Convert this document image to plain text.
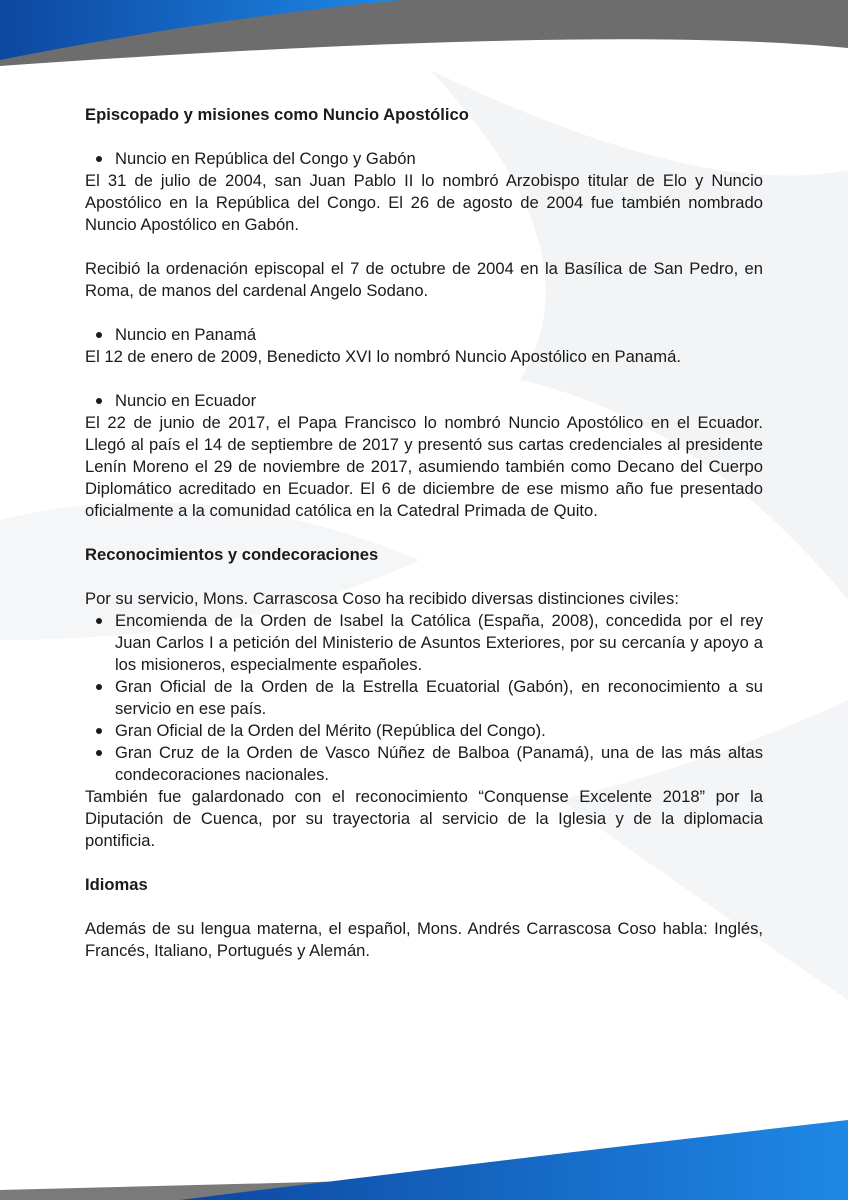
Episcopado y misiones como Nuncio Apostólico

Nuncio en República del Congo y Gabón

El 31 de julio de 2004, san Juan Pablo II lo nombró Arzobispo titular de Elo y Nuncio Apostólico en la República del Congo. El 26 de agosto de 2004 fue también nombrado Nuncio Apostólico en Gabón.

Recibió la ordenación episcopal el 7 de octubre de 2004 en la Basílica de San Pedro, en Roma, de manos del cardenal Angelo Sodano.

Nuncio en Panamá

El 12 de enero de 2009, Benedicto XVI lo nombró Nuncio Apostólico en Panamá.

Nuncio en Ecuador

El 22 de junio de 2017, el Papa Francisco lo nombró Nuncio Apostólico en el Ecuador. Llegó al país el 14 de septiembre de 2017 y presentó sus cartas credenciales al presidente Lenín Moreno el 29 de noviembre de 2017, asumiendo también como Decano del Cuerpo Diplomático acreditado en Ecuador. El 6 de diciembre de ese mismo año fue presentado oficialmente a la comunidad católica en la Catedral Primada de Quito.

Reconocimientos y condecoraciones

Por su servicio, Mons. Carrascosa Coso ha recibido diversas distinciones civiles:

Encomienda de la Orden de Isabel la Católica (España, 2008), concedida por el rey Juan Carlos I a petición del Ministerio de Asuntos Exteriores, por su cercanía y apoyo a los misioneros, especialmente españoles.

Gran Oficial de la Orden de la Estrella Ecuatorial (Gabón), en reconocimiento a su servicio en ese país.

Gran Oficial de la Orden del Mérito (República del Congo).

Gran Cruz de la Orden de Vasco Núñez de Balboa (Panamá), una de las más altas condecoraciones nacionales.

También fue galardonado con el reconocimiento “Conquense Excelente 2018” por la Diputación de Cuenca, por su trayectoria al servicio de la Iglesia y de la diplomacia pontificia.

Idiomas

Además de su lengua materna, el español, Mons. Andrés Carrascosa Coso habla: Inglés, Francés, Italiano, Portugués y Alemán.
